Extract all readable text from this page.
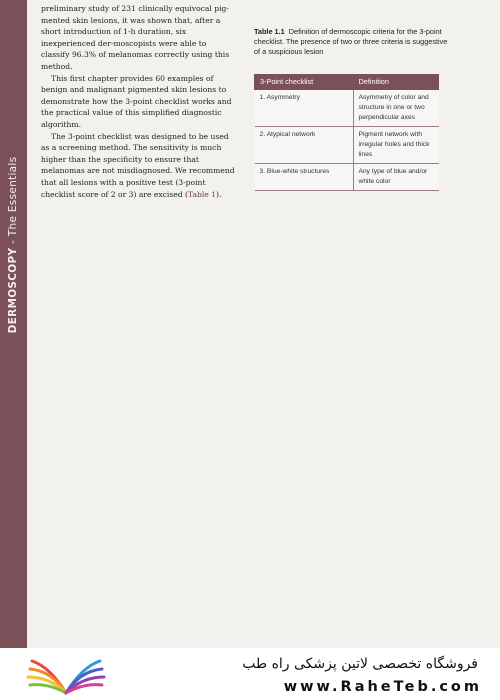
DERMOSCOPY - The Essentials

preliminary study of 231 clinically equivocal pig-mented skin lesions, it was shown that, after a short introduction of 1-h duration, six inexperienced der-moscopists were able to classify 96.3% of melanomas correctly using this method.

This first chapter provides 60 examples of benign and malignant pigmented skin lesions to demonstrate how the 3-point checklist works and the practical value of this simplified diagnostic algorithm.

The 3-point checklist was designed to be used as a screening method. The sensitivity is much higher than the specificity to ensure that melanomas are not misdiagnosed. We recommend that all lesions with a positive test (3-point checklist score of 2 or 3) are excised (Table 1).

Table 1.1 Definition of dermoscopic criteria for the 3-point checklist. The presence of two or three criteria is suggestive of a suspicious lesion
3-Point checklist	Definition
1. Asymmetry	Asymmetry of color and structure in one or two perpendicular axes
2. Atypical network	Pigment network with irregular holes and thick lines
3. Blue-white structures	Any type of blue and/or white color
فروشگاه تخصصی لاتین پزشکی راه طب
www.RaheTeb.com
